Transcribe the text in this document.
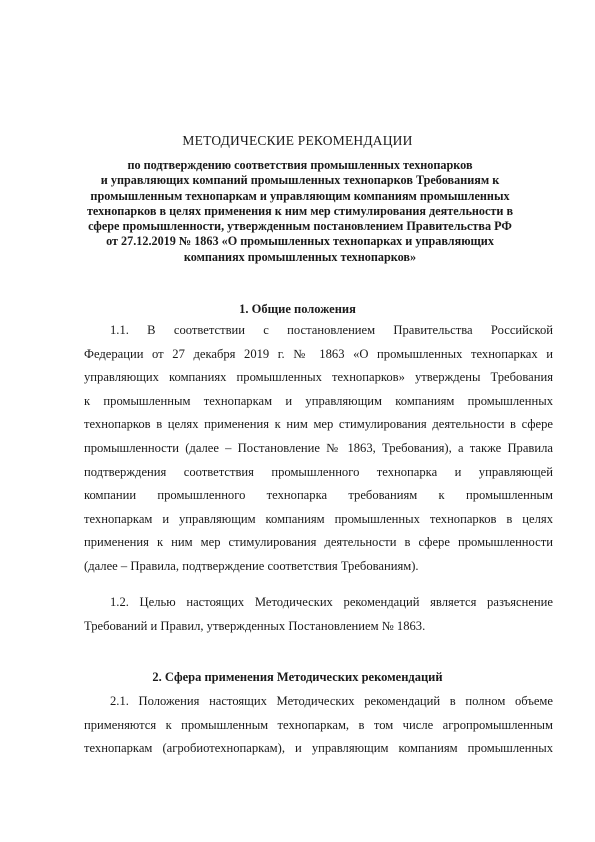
МЕТОДИЧЕСКИЕ РЕКОМЕНДАЦИИ
по подтверждению соответствия промышленных технопарков
и управляющих компаний промышленных технопарков Требованиям к
промышленным технопаркам и управляющим компаниям промышленных
технопарков в целях применения к ним мер стимулирования деятельности в
сфере промышленности, утвержденным постановлением Правительства РФ
от 27.12.2019 № 1863 «О промышленных технопарках и управляющих
компаниях промышленных технопарков»
1. Общие положения
1.1. В соответствии с постановлением Правительства Российской
Федерации от 27 декабря 2019 г. № 1863 «О промышленных технопарках и
управляющих компаниях промышленных технопарков» утверждены Требования
к промышленным технопаркам и управляющим компаниям промышленных
технопарков в целях применения к ним мер стимулирования деятельности в сфере
промышленности (далее – Постановление № 1863, Требования), а также Правила
подтверждения соответствия промышленного технопарка и управляющей
компании промышленного технопарка требованиям к промышленным
технопаркам и управляющим компаниям промышленных технопарков в целях
применения к ним мер стимулирования деятельности в сфере промышленности
(далее – Правила, подтверждение соответствия Требованиям).
1.2. Целью настоящих Методических рекомендаций является разъяснение
Требований и Правил, утвержденных Постановлением № 1863.
2. Сфера применения Методических рекомендаций
2.1. Положения настоящих Методических рекомендаций в полном объеме
применяются к промышленным технопаркам, в том числе агропромышленным
технопаркам (агробиотехнопаркам), и управляющим компаниям промышленных
